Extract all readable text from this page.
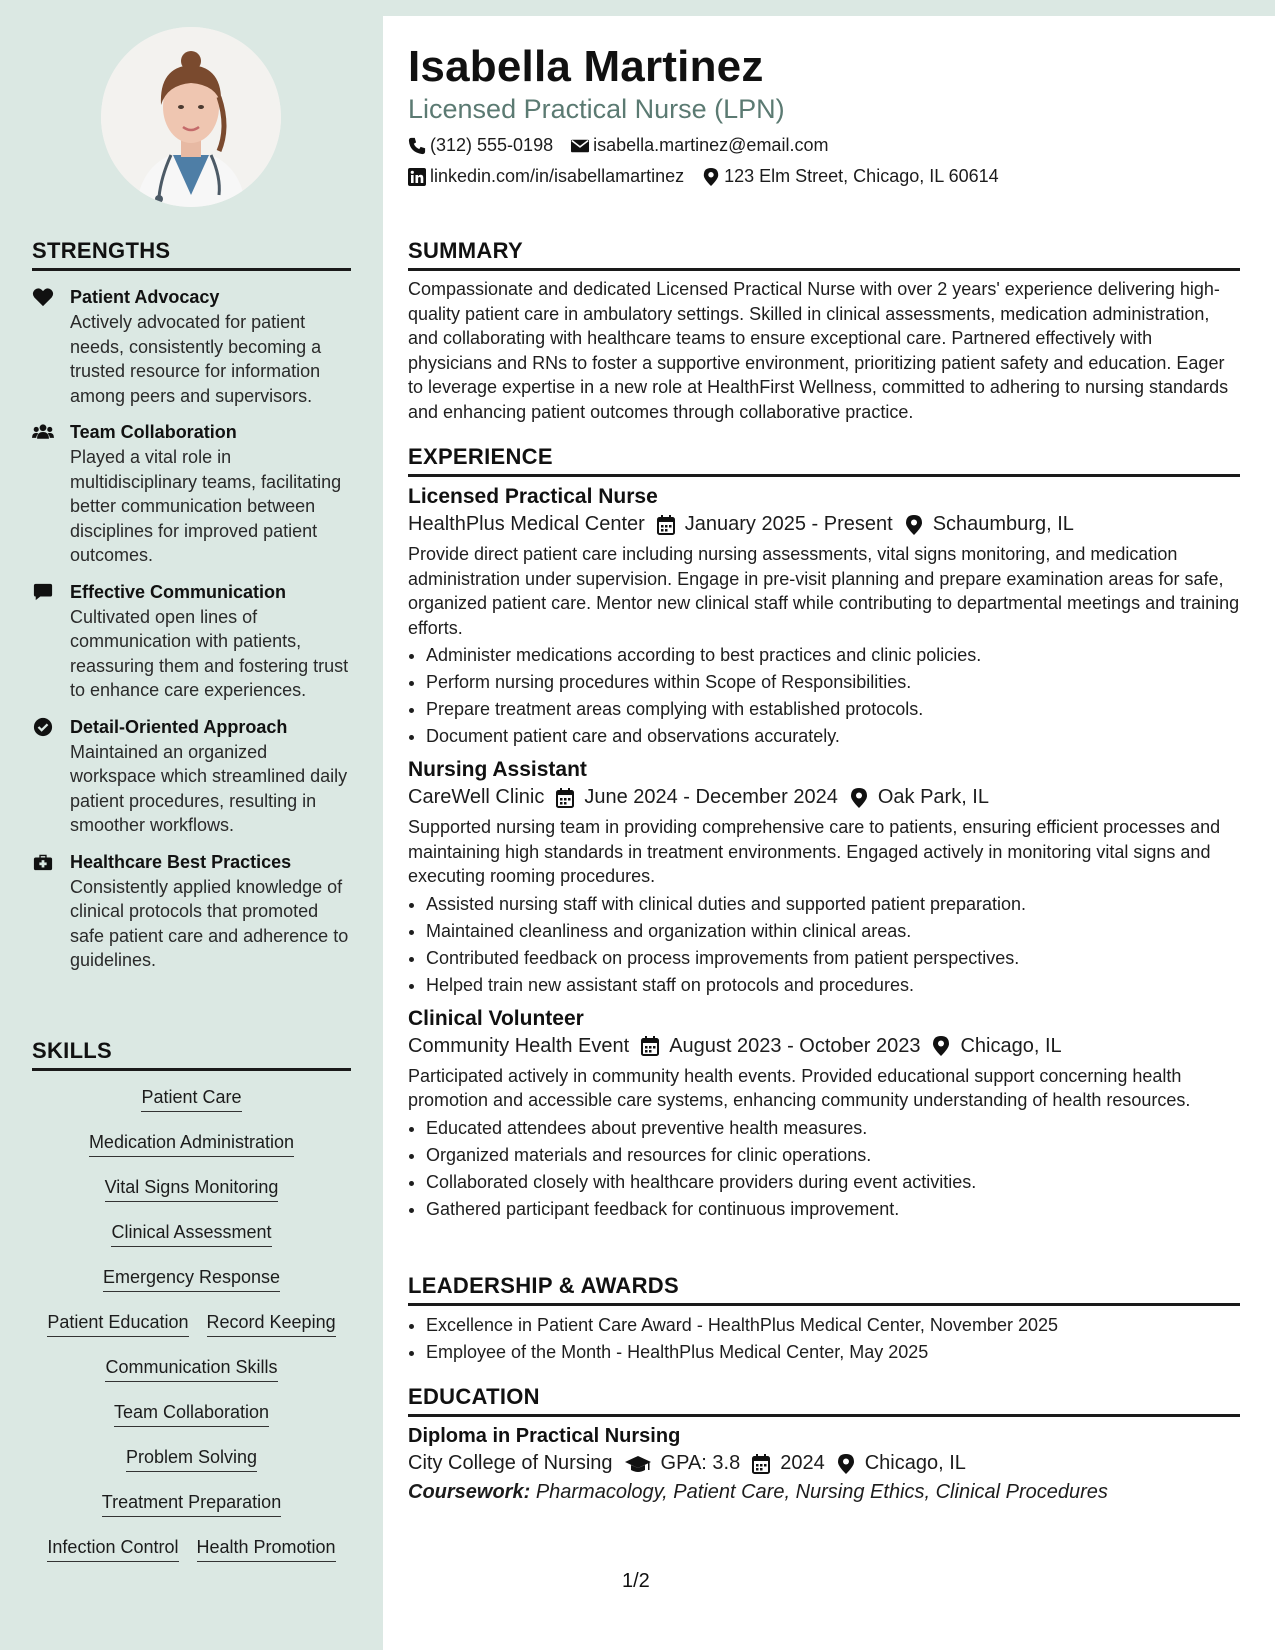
STRENGTHS
Patient Advocacy
Actively advocated for patient needs, consistently becoming a trusted resource for information among peers and supervisors.
Team Collaboration
Played a vital role in multidisciplinary teams, facilitating better communication between disciplines for improved patient outcomes.
Effective Communication
Cultivated open lines of communication with patients, reassuring them and fostering trust to enhance care experiences.
Detail-Oriented Approach
Maintained an organized workspace which streamlined daily patient procedures, resulting in smoother workflows.
Healthcare Best Practices
Consistently applied knowledge of clinical protocols that promoted safe patient care and adherence to guidelines.
SKILLS
Patient Care
Medication Administration
Vital Signs Monitoring
Clinical Assessment
Emergency Response
Patient Education Record Keeping
Communication Skills
Team Collaboration
Problem Solving
Treatment Preparation
Infection Control Health Promotion
Isabella Martinez
Licensed Practical Nurse (LPN)
(312) 555-0198 isabella.martinez@email.com
linkedin.com/in/isabellamartinez 123 Elm Street, Chicago, IL 60614
SUMMARY
Compassionate and dedicated Licensed Practical Nurse with over 2 years' experience delivering high-quality patient care in ambulatory settings. Skilled in clinical assessments, medication administration, and collaborating with healthcare teams to ensure exceptional care. Partnered effectively with physicians and RNs to foster a supportive environment, prioritizing patient safety and education. Eager to leverage expertise in a new role at HealthFirst Wellness, committed to adhering to nursing standards and enhancing patient outcomes through collaborative practice.
EXPERIENCE
Licensed Practical Nurse
HealthPlus Medical Center January 2025 - Present Schaumburg, IL
Provide direct patient care including nursing assessments, vital signs monitoring, and medication administration under supervision. Engage in pre-visit planning and prepare examination areas for safe, organized patient care. Mentor new clinical staff while contributing to departmental meetings and training efforts.
• Administer medications according to best practices and clinic policies.
• Perform nursing procedures within Scope of Responsibilities.
• Prepare treatment areas complying with established protocols.
• Document patient care and observations accurately.
Nursing Assistant
CareWell Clinic June 2024 - December 2024 Oak Park, IL
Supported nursing team in providing comprehensive care to patients, ensuring efficient processes and maintaining high standards in treatment environments. Engaged actively in monitoring vital signs and executing rooming procedures.
• Assisted nursing staff with clinical duties and supported patient preparation.
• Maintained cleanliness and organization within clinical areas.
• Contributed feedback on process improvements from patient perspectives.
• Helped train new assistant staff on protocols and procedures.
Clinical Volunteer
Community Health Event August 2023 - October 2023 Chicago, IL
Participated actively in community health events. Provided educational support concerning health promotion and accessible care systems, enhancing community understanding of health resources.
• Educated attendees about preventive health measures.
• Organized materials and resources for clinic operations.
• Collaborated closely with healthcare providers during event activities.
• Gathered participant feedback for continuous improvement.
LEADERSHIP & AWARDS
• Excellence in Patient Care Award - HealthPlus Medical Center, November 2025
• Employee of the Month - HealthPlus Medical Center, May 2025
EDUCATION
Diploma in Practical Nursing
City College of Nursing GPA: 3.8 2024 Chicago, IL
Coursework: Pharmacology, Patient Care, Nursing Ethics, Clinical Procedures
1/2
